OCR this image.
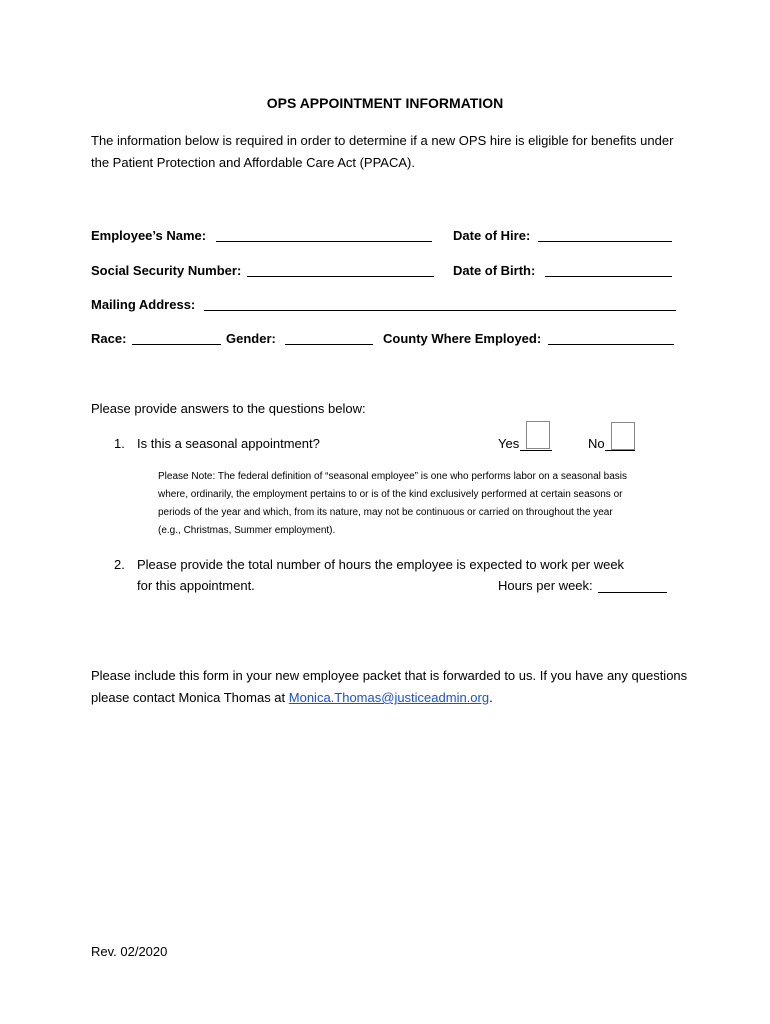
OPS APPOINTMENT INFORMATION
The information below is required in order to determine if a new OPS hire is eligible for benefits under the Patient Protection and Affordable Care Act (PPACA).
Employee’s Name:	Date of Hire:
Social Security Number:	Date of Birth:
Mailing Address:
Race:	Gender:	County Where Employed:
Please provide answers to the questions below:
1. Is this a seasonal appointment?	Yes	No
Please Note: The federal definition of “seasonal employee” is one who performs labor on a seasonal basis where, ordinarily, the employment pertains to or is of the kind exclusively performed at certain seasons or periods of the year and which, from its nature, may not be continuous or carried on throughout the year (e.g., Christmas, Summer employment).
2. Please provide the total number of hours the employee is expected to work per week
for this appointment.	Hours per week:
Please include this form in your new employee packet that is forwarded to us. If you have any questions please contact Monica Thomas at Monica.Thomas@justiceadmin.org.
Rev. 02/2020
